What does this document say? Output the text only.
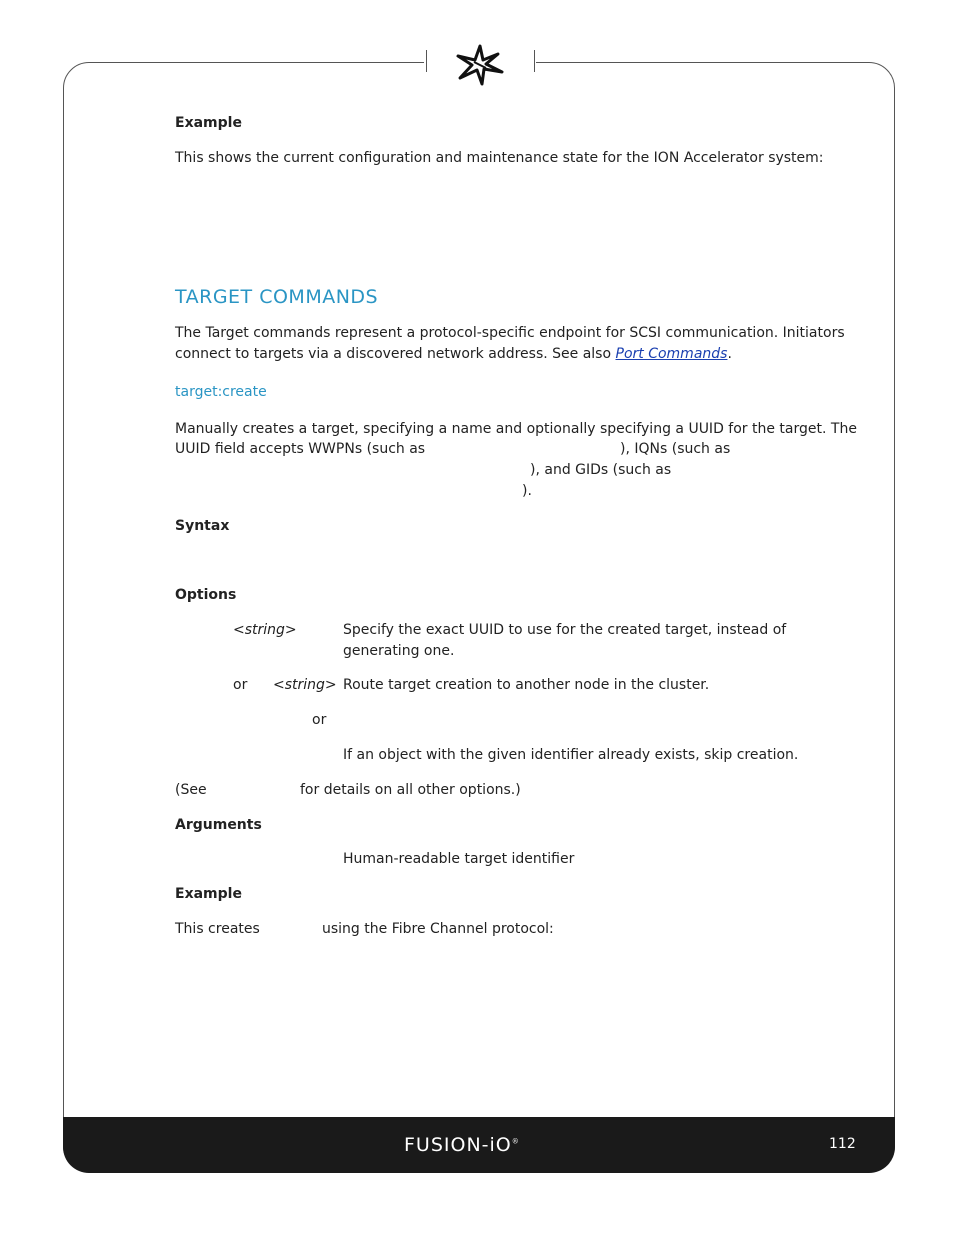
Example
This shows the current configuration and maintenance state for the ION Accelerator system:
TARGET COMMANDS
The Target commands represent a protocol-specific endpoint for SCSI communication. Initiators
connect to targets via a discovered network address. See also Port Commands.
target:create
Manually creates a target, specifying a name and optionally specifying a UUID for the target. The
UUID field accepts WWPNs (such as	), IQNs (such as
), and GIDs (such as
).
Syntax
Options
<string>	Specify the exact UUID to use for the created target, instead of
generating one.
or <string> Route target creation to another node in the cluster.
or
If an object with the given identifier already exists, skip creation.
(See	for details on all other options.)
Arguments
Human-readable target identifier
Example
This creates	using the Fibre Channel protocol:
FUSION-iO®	112
